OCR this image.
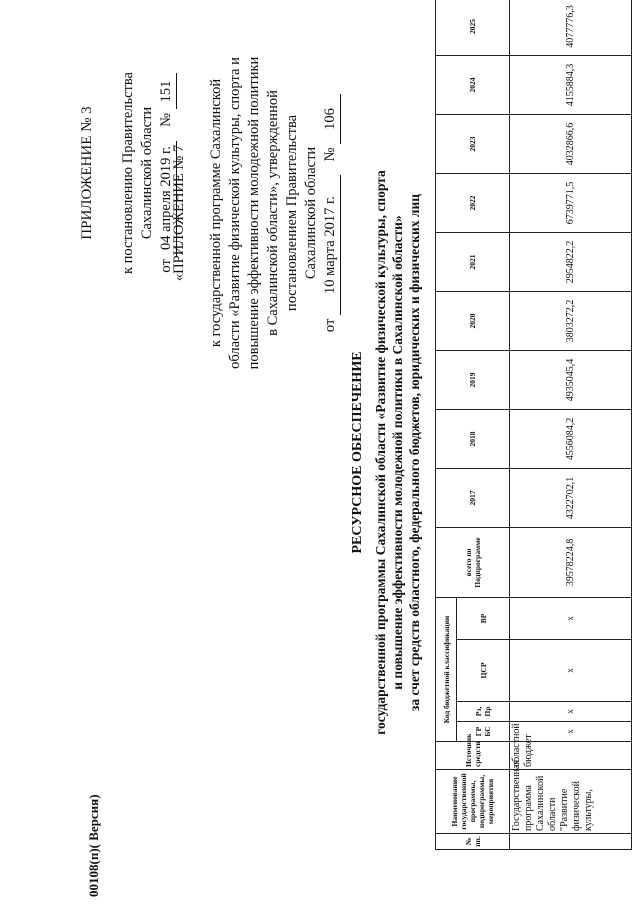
00108(п)( Версия)
ПРИЛОЖЕНИЕ № 3 к постановлению Правительства Сахалинской области
от 04 апреля 2019 г. № 151
«ПРИЛОЖЕНИЕ № 7 к государственной программе Сахалинской области «Развитие физической культуры, спорта и повышение эффективности молодежной политики в Сахалинской области», утвержденной постановлением Правительства Сахалинской области
от 10 марта 2017 г. № 106
РЕСУРСНОЕ ОБЕСПЕЧЕНИЕ государственной программы Сахалинской области «Развитие физической культуры, спорта и повышение эффективности молодежной политики в Сахалинской области» за счет средств областного, федерального бюджетов, юридических и физических лиц
№ пп.	Наименование государственной программы, подпрограммы, мероприятия	Источник средств	Код бюджетной классификации				всего по Подпрограмме	2017	2018	2019	2020	2021	2022	2023	2024	2025
			ГР БС	Рз, Пр	ЦСР	ВР										
	Государственная программа Сахалинской области "Развитие физической культуры,	областной бюджет	х	х	х	х	39578224,8	4322702,1	4556084,2	4935045,4	3803272,2	2954822,2	6739771,5	4032866,6	4155884,3	4077776,3
